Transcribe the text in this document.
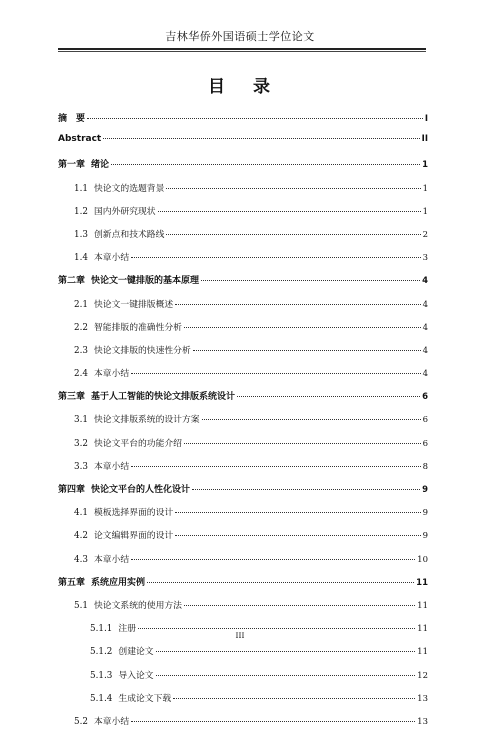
吉林华侨外国语硕士学位论文
目 录
摘　要	I
Abstract	II
第一章 绪论	1
1.1 快论文的选题背景	1
1.2 国内外研究现状	1
1.3 创新点和技术路线	2
1.4 本章小结	3
第二章 快论文一键排版的基本原理	4
2.1 快论文一键排版概述	4
2.2 智能排版的准确性分析	4
2.3 快论文排版的快速性分析	4
2.4 本章小结	4
第三章 基于人工智能的快论文排版系统设计	6
3.1 快论文排版系统的设计方案	6
3.2 快论文平台的功能介绍	6
3.3 本章小结	8
第四章 快论文平台的人性化设计	9
4.1 模板选择界面的设计	9
4.2 论文编辑界面的设计	9
4.3 本章小结	10
第五章 系统应用实例	11
5.1 快论文系统的使用方法	11
5.1.1 注册	11
5.1.2 创建论文	11
5.1.3 导入论文	12
5.1.4 生成论文下载	13
5.2 本章小结	13
III
